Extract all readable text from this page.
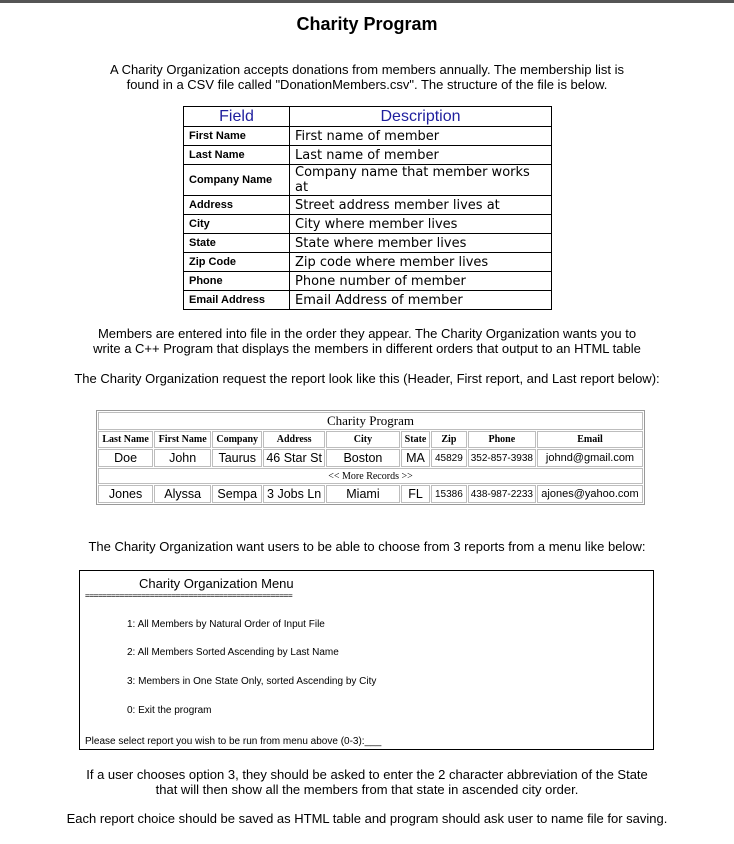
Charity Program
A Charity Organization accepts donations from members annually. The membership list is
found in a CSV file called "DonationMembers.csv". The structure of the file is below.
Field	Description
First Name	First name of member
Last Name	Last name of member
Company Name	Company name that member works at
Address	Street address member lives at
City	City where member lives
State	State where member lives
Zip Code	Zip code where member lives
Phone	Phone number of member
Email Address	Email Address of member
Members are entered into file in the order they appear. The Charity Organization wants you to
write a C++ Program that displays the members in different orders that output to an HTML table
The Charity Organization request the report look like this (Header, First report, and Last report below):
Charity Program								
Last Name	First Name	Company	Address	City	State	Zip	Phone	Email
Doe	John	Taurus	46 Star St	Boston	MA	45829	352-857-3938	johnd@gmail.com
<< More Records >>								
Jones	Alyssa	Sempa	3 Jobs Ln	Miami	FL	15386	438-987-2233	ajones@yahoo.com
The Charity Organization want users to be able to choose from 3 reports from a menu like below:
Charity Organization Menu
================================================
1: All Members by Natural Order of Input File
2: All Members Sorted Ascending by Last Name
3: Members in One State Only, sorted Ascending by City
0: Exit the program
Please select report you wish to be run from menu above (0-3):___
If a user chooses option 3, they should be asked to enter the 2 character abbreviation of the State
that will then show all the members from that state in ascended city order.
Each report choice should be saved as HTML table and program should ask user to name file for saving.
